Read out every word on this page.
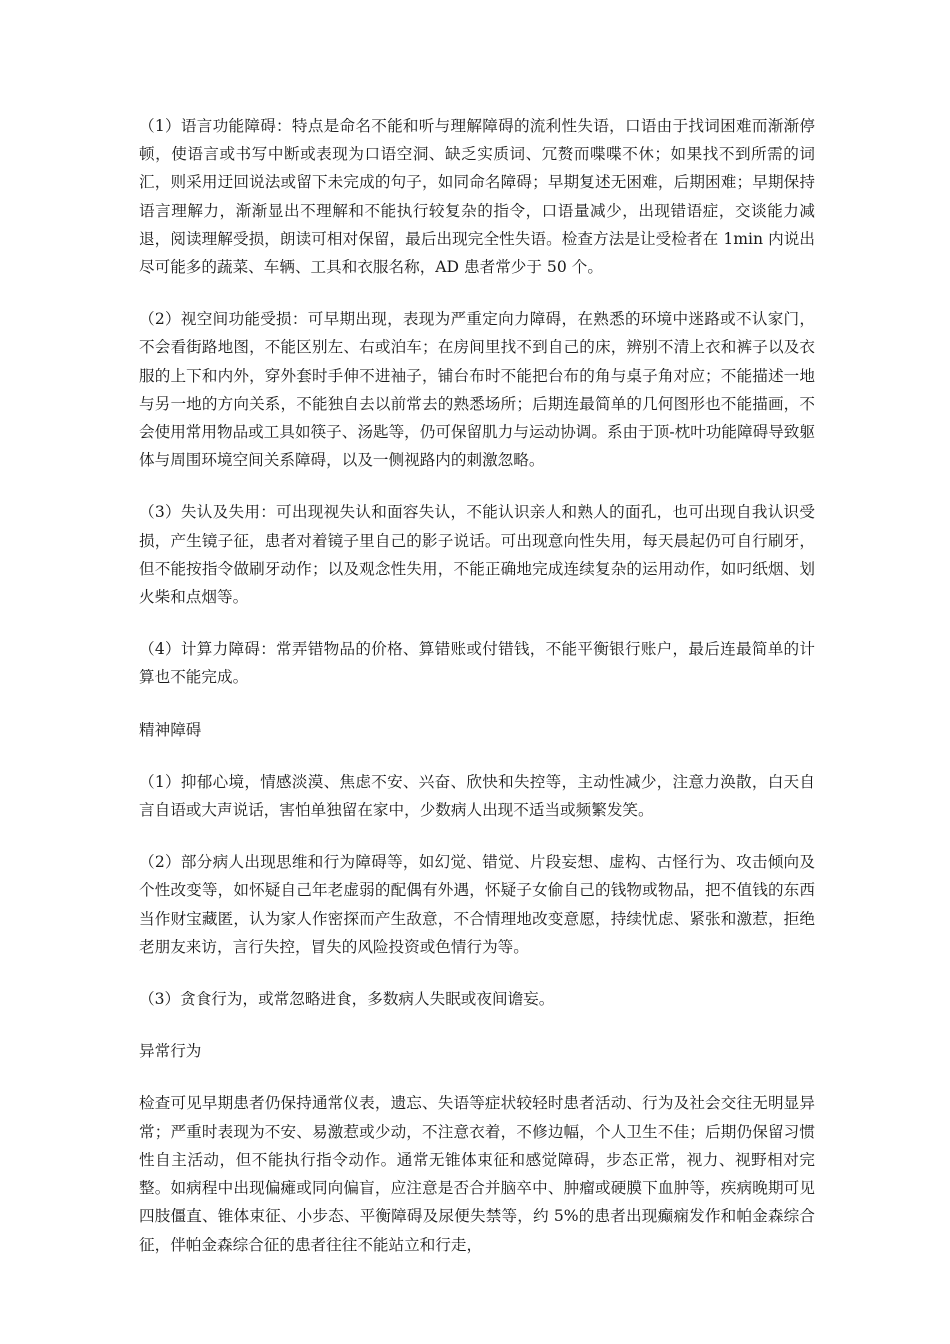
（1）语言功能障碍：特点是命名不能和听与理解障碍的流利性失语，口语由于找词困难而渐渐停顿，使语言或书写中断或表现为口语空洞、缺乏实质词、冗赘而喋喋不休；如果找不到所需的词汇，则采用迂回说法或留下未完成的句子，如同命名障碍；早期复述无困难，后期困难；早期保持语言理解力，渐渐显出不理解和不能执行较复杂的指令，口语量减少，出现错语症，交谈能力减退，阅读理解受损，朗读可相对保留，最后出现完全性失语。检查方法是让受检者在 1min 内说出尽可能多的蔬菜、车辆、工具和衣服名称，AD 患者常少于 50 个。

（2）视空间功能受损：可早期出现，表现为严重定向力障碍，在熟悉的环境中迷路或不认家门，不会看街路地图，不能区别左、右或泊车；在房间里找不到自己的床，辨别不清上衣和裤子以及衣服的上下和内外，穿外套时手伸不进袖子，铺台布时不能把台布的角与桌子角对应；不能描述一地与另一地的方向关系，不能独自去以前常去的熟悉场所；后期连最简单的几何图形也不能描画，不会使用常用物品或工具如筷子、汤匙等，仍可保留肌力与运动协调。系由于顶-枕叶功能障碍导致躯体与周围环境空间关系障碍，以及一侧视路内的刺激忽略。

（3）失认及失用：可出现视失认和面容失认，不能认识亲人和熟人的面孔，也可出现自我认识受损，产生镜子征，患者对着镜子里自己的影子说话。可出现意向性失用，每天晨起仍可自行刷牙，但不能按指令做刷牙动作；以及观念性失用，不能正确地完成连续复杂的运用动作，如叼纸烟、划火柴和点烟等。

（4）计算力障碍：常弄错物品的价格、算错账或付错钱，不能平衡银行账户，最后连最简单的计算也不能完成。

精神障碍

（1）抑郁心境，情感淡漠、焦虑不安、兴奋、欣快和失控等，主动性减少，注意力涣散，白天自言自语或大声说话，害怕单独留在家中，少数病人出现不适当或频繁发笑。

（2）部分病人出现思维和行为障碍等，如幻觉、错觉、片段妄想、虚构、古怪行为、攻击倾向及个性改变等，如怀疑自己年老虚弱的配偶有外遇，怀疑子女偷自己的钱物或物品，把不值钱的东西当作财宝藏匿，认为家人作密探而产生敌意，不合情理地改变意愿，持续忧虑、紧张和激惹，拒绝老朋友来访，言行失控，冒失的风险投资或色情行为等。

（3）贪食行为，或常忽略进食，多数病人失眠或夜间谵妄。

异常行为

检查可见早期患者仍保持通常仪表，遗忘、失语等症状较轻时患者活动、行为及社会交往无明显异常；严重时表现为不安、易激惹或少动，不注意衣着，不修边幅，个人卫生不佳；后期仍保留习惯性自主活动，但不能执行指令动作。通常无锥体束征和感觉障碍，步态正常，视力、视野相对完整。如病程中出现偏瘫或同向偏盲，应注意是否合并脑卒中、肿瘤或硬膜下血肿等，疾病晚期可见四肢僵直、锥体束征、小步态、平衡障碍及尿便失禁等，约 5%的患者出现癫痫发作和帕金森综合征，伴帕金森综合征的患者往往不能站立和行走，
